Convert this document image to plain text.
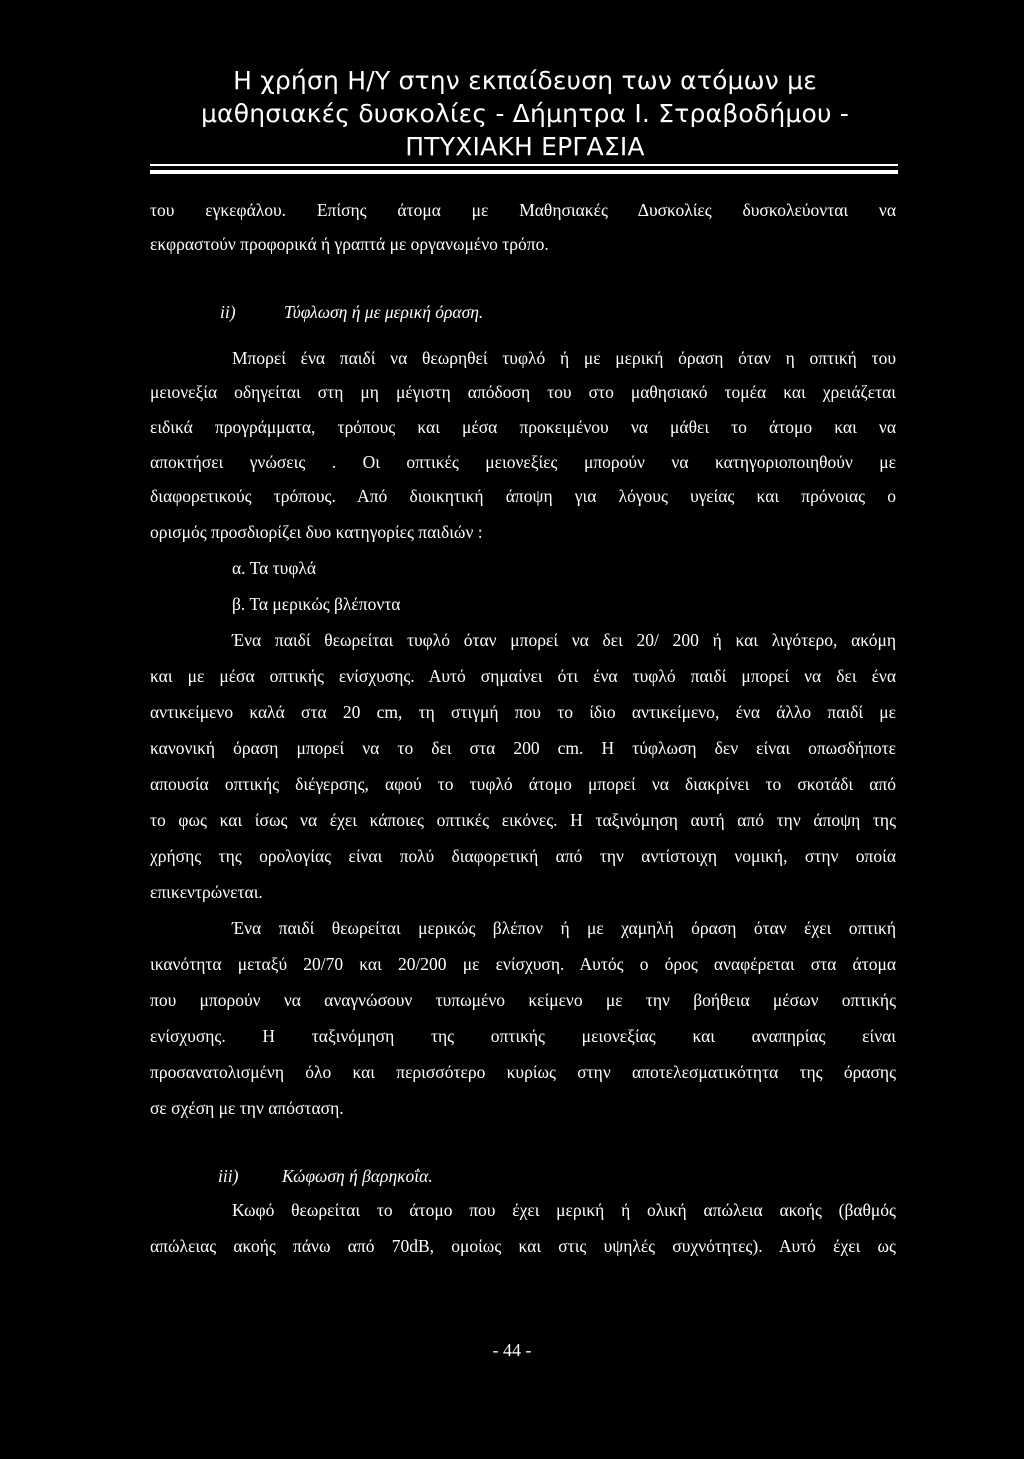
Η χρήση Η/Υ στην εκπαίδευση των ατόμων με
μαθησιακές δυσκολίες - Δήμητρα Ι. Στραβοδήμου -
ΠΤΥΧΙΑΚΗ ΕΡΓΑΣΙΑ
του εγκεφάλου. Επίσης άτομα με Μαθησιακές Δυσκολίες δυσκολεύονται να
εκφραστούν προφορικά ή γραπτά με οργανωμένο τρόπο.
ii)	Τύφλωση ή με μερική όραση.
Μπορεί ένα παιδί να θεωρηθεί τυφλό ή με μερική όραση όταν η οπτική του
μειονεξία οδηγείται στη μη μέγιστη απόδοση του στο μαθησιακό τομέα και χρειάζεται
ειδικά προγράμματα, τρόπους και μέσα προκειμένου να μάθει το άτομο και να
αποκτήσει γνώσεις . Οι οπτικές μειονεξίες μπορούν να κατηγοριοποιηθούν με
διαφορετικούς τρόπους. Από διοικητική άποψη για λόγους υγείας και πρόνοιας ο
ορισμός προσδιορίζει δυο κατηγορίες παιδιών :
α. Τα τυφλά
β. Τα μερικώς βλέποντα
Ένα παιδί θεωρείται τυφλό όταν μπορεί να δει 20/ 200 ή και λιγότερο, ακόμη
και με μέσα οπτικής ενίσχυσης. Αυτό σημαίνει ότι ένα τυφλό παιδί μπορεί να δει ένα
αντικείμενο καλά στα 20 cm, τη στιγμή που το ίδιο αντικείμενο, ένα άλλο παιδί με
κανονική όραση μπορεί να το δει στα 200 cm. Η τύφλωση δεν είναι οπωσδήποτε
απουσία οπτικής διέγερσης, αφού το τυφλό άτομο μπορεί να διακρίνει το σκοτάδι από
το φως και ίσως να έχει κάποιες οπτικές εικόνες. Η ταξινόμηση αυτή από την άποψη της
χρήσης της ορολογίας είναι πολύ διαφορετική από την αντίστοιχη νομική, στην οποία
επικεντρώνεται.
Ένα παιδί θεωρείται μερικώς βλέπον ή με χαμηλή όραση όταν έχει οπτική
ικανότητα μεταξύ 20/70 και 20/200 με ενίσχυση. Αυτός ο όρος αναφέρεται στα άτομα
που μπορούν να αναγνώσουν τυπωμένο κείμενο με την βοήθεια μέσων οπτικής
ενίσχυσης. Η ταξινόμηση της οπτικής μειονεξίας και αναπηρίας είναι
προσανατολισμένη όλο και περισσότερο κυρίως στην αποτελεσματικότητα της όρασης
σε σχέση με την απόσταση.
iii) Κώφωση ή βαρηκοΐα.
Κωφό θεωρείται το άτομο που έχει μερική ή ολική απώλεια ακοής (βαθμός
απώλειας ακοής πάνω από 70dB, ομοίως και στις υψηλές συχνότητες). Αυτό έχει ως
- 44 -
